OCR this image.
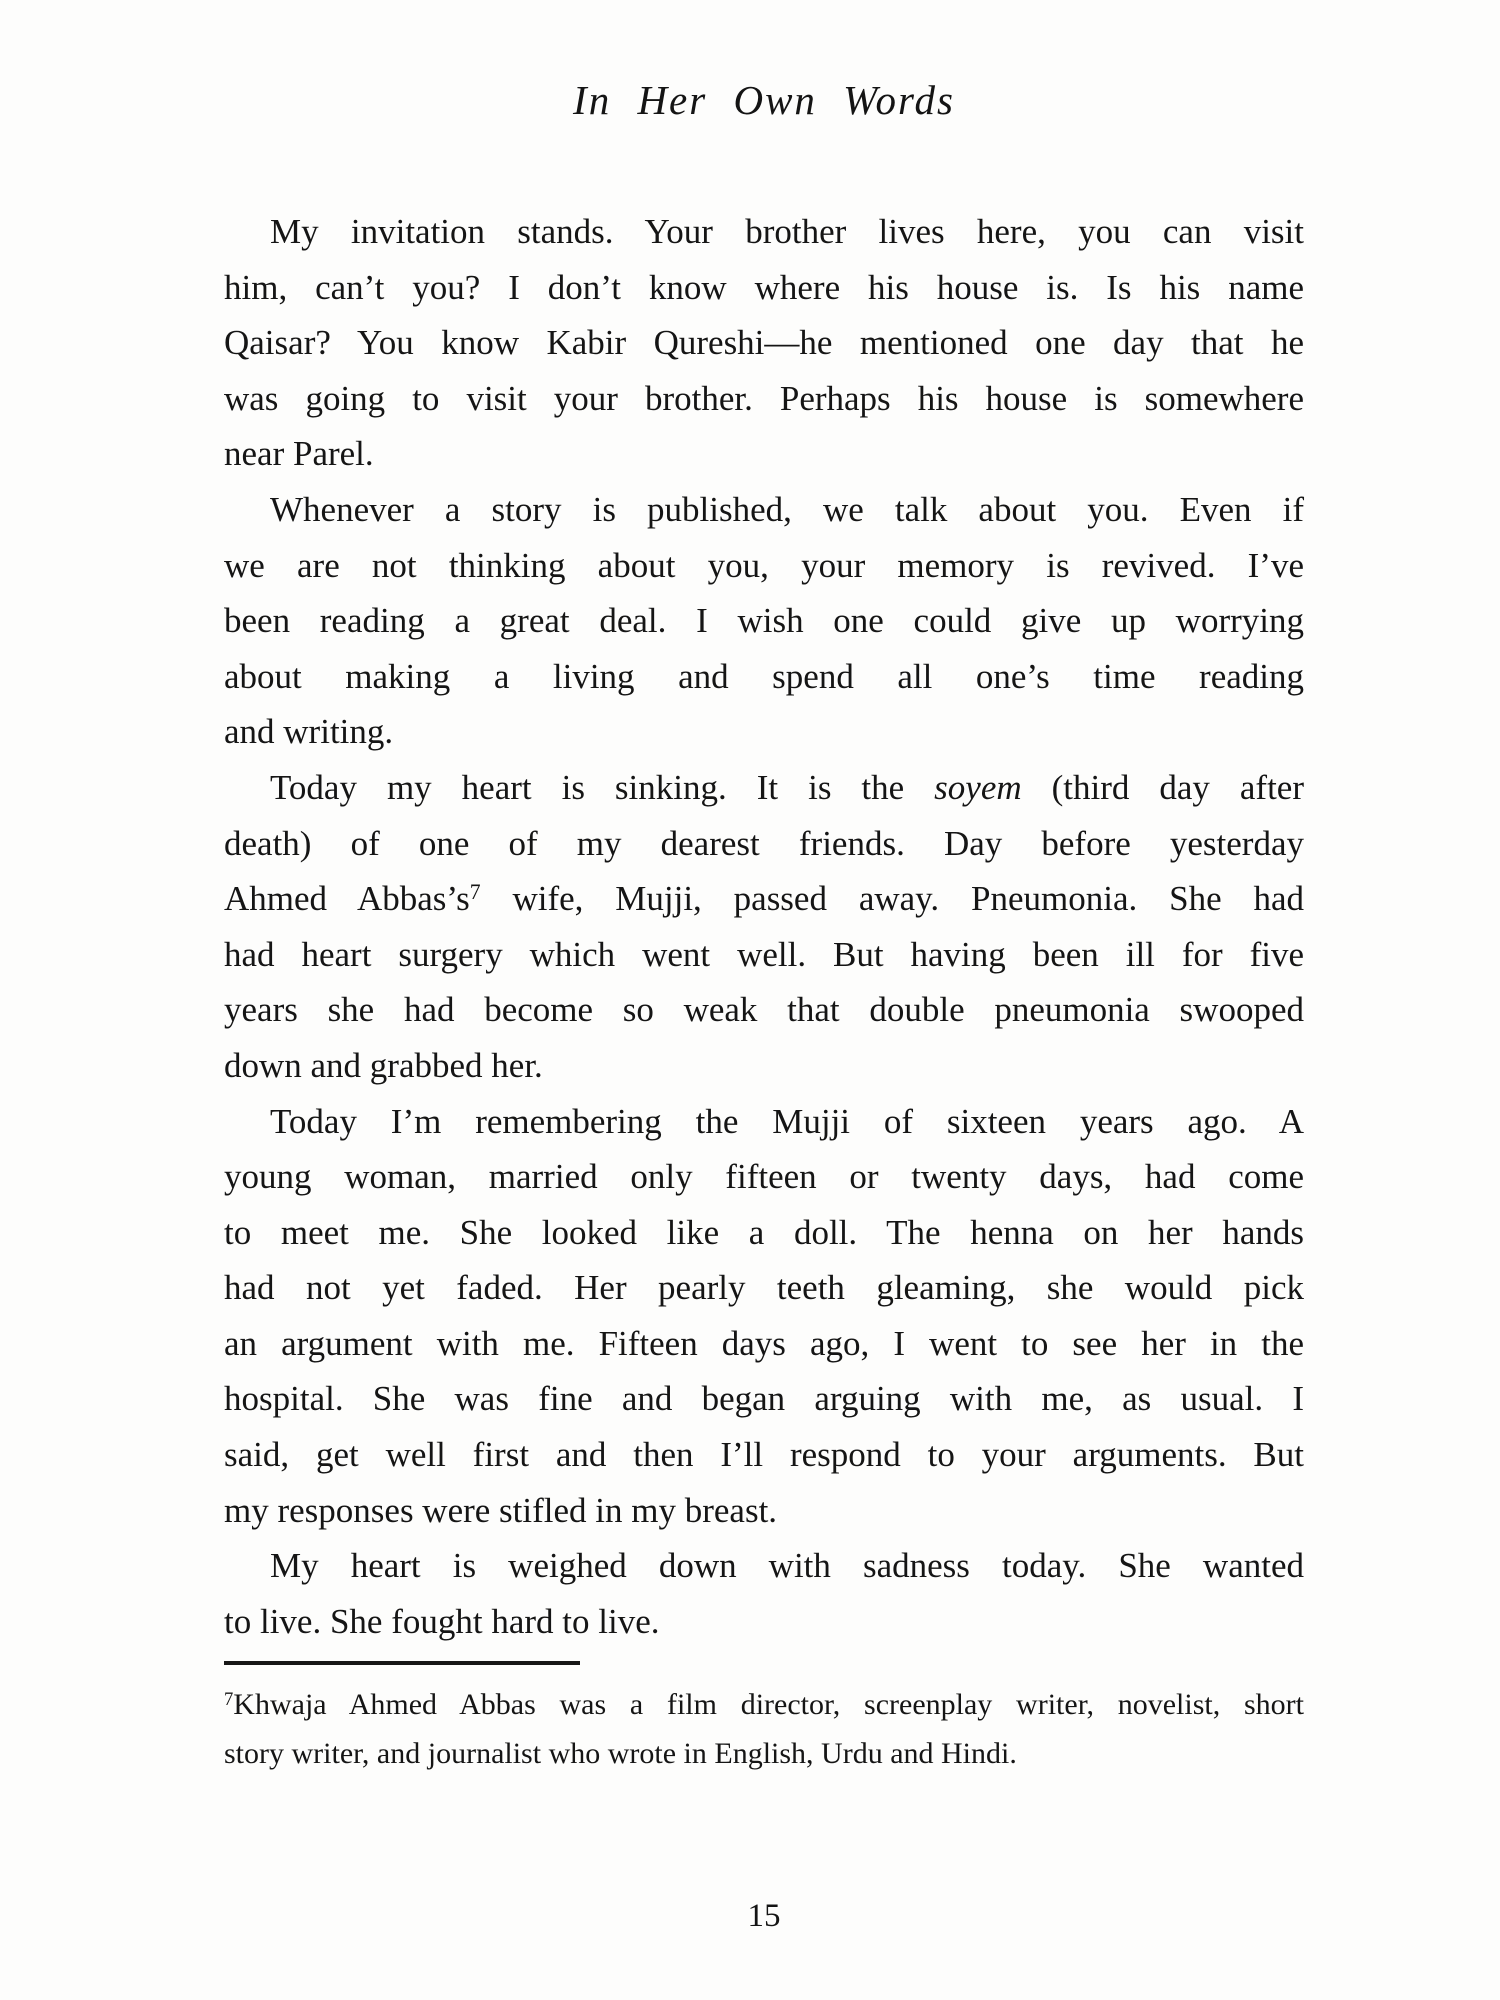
In Her Own Words
My invitation stands. Your brother lives here, you can visit
him, can’t you? I don’t know where his house is. Is his name
Qaisar? You know Kabir Qureshi—he mentioned one day that he
was going to visit your brother. Perhaps his house is somewhere
near Parel.
Whenever a story is published, we talk about you. Even if
we are not thinking about you, your memory is revived. I’ve
been reading a great deal. I wish one could give up worrying
about making a living and spend all one’s time reading
and writing.
Today my heart is sinking. It is the soyem (third day after
death) of one of my dearest friends. Day before yesterday
Ahmed $Abbas’s^7$ wife, Mujji, passed away. Pneumonia. She had
had heart surgery which went well. But having been ill for five
years she had become so weak that double pneumonia swooped
down and grabbed her.
Today I’m remembering the Mujji of sixteen years ago. A
young woman, married only fifteen or twenty days, had come
to meet me. She looked like a doll. The henna on her hands
had not yet faded. Her pearly teeth gleaming, she would pick
an argument with me. Fifteen days ago, I went to see her in the
hospital. She was fine and began arguing with me, as usual. I
said, get well first and then I’ll respond to your arguments. But
my responses were stifled in my breast.
My heart is weighed down with sadness today. She wanted
to live. She fought hard to live.
$^7$Khwaja Ahmed Abbas was a film director, screenplay writer, novelist, short
story writer, and journalist who wrote in English, Urdu and Hindi.
15
